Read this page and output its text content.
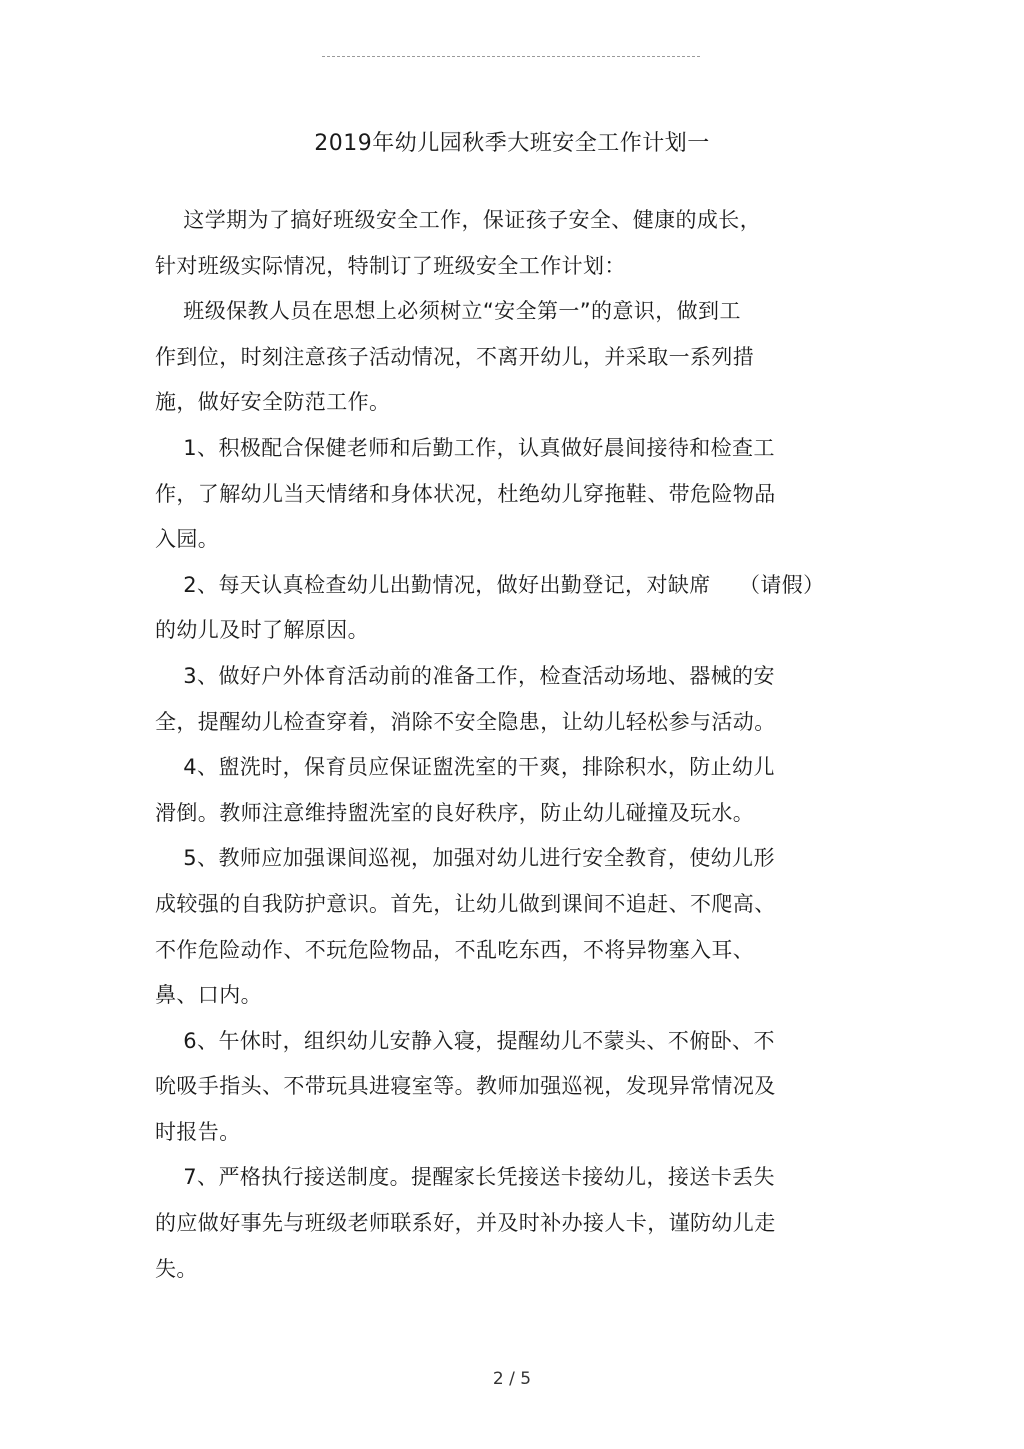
2019年幼儿园秋季大班安全工作计划一
这学期为了搞好班级安全工作，保证孩子安全、健康的成长，
针对班级实际情况，特制订了班级安全工作计划：
班级保教人员在思想上必须树立“安全第一”的意识，做到工
作到位，时刻注意孩子活动情况，不离开幼儿，并采取一系列措
施，做好安全防范工作。
1、积极配合保健老师和后勤工作，认真做好晨间接待和检查工
作，了解幼儿当天情绪和身体状况，杜绝幼儿穿拖鞋、带危险物品
入园。
2、每天认真检查幼儿出勤情况，做好出勤登记，对缺席    （请假）
的幼儿及时了解原因。
3、做好户外体育活动前的准备工作，检查活动场地、器械的安
全，提醒幼儿检查穿着，消除不安全隐患，让幼儿轻松参与活动。
4、盥洗时，保育员应保证盥洗室的干爽，排除积水，防止幼儿
滑倒。教师注意维持盥洗室的良好秩序，防止幼儿碰撞及玩水。
5、教师应加强课间巡视，加强对幼儿进行安全教育，使幼儿形
成较强的自我防护意识。首先，让幼儿做到课间不追赶、不爬高、
不作危险动作、不玩危险物品，不乱吃东西，不将异物塞入耳、
鼻、口内。
6、午休时，组织幼儿安静入寝，提醒幼儿不蒙头、不俯卧、不
吮吸手指头、不带玩具进寝室等。教师加强巡视，发现异常情况及
时报告。
7、严格执行接送制度。提醒家长凭接送卡接幼儿，接送卡丢失
的应做好事先与班级老师联系好，并及时补办接人卡，谨防幼儿走
失。
2 / 5
